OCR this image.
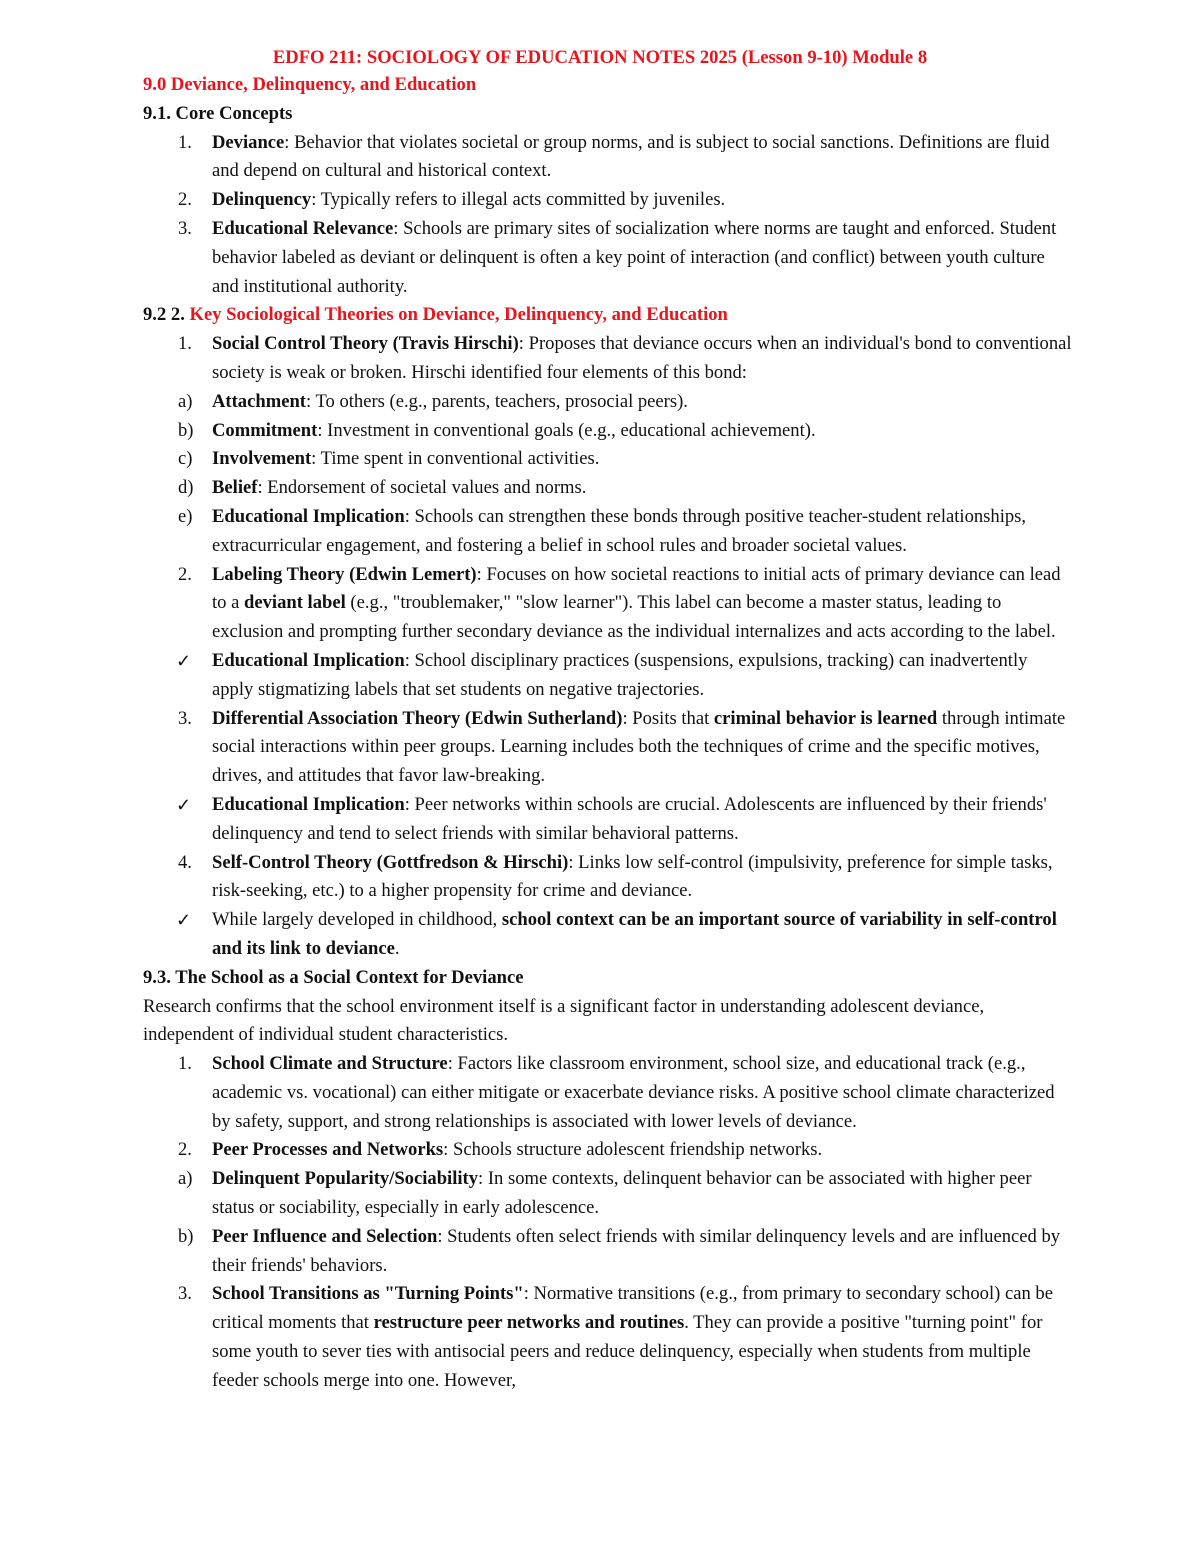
EDFO 211: SOCIOLOGY OF EDUCATION NOTES 2025 (Lesson 9-10) Module 8
9.0 Deviance, Delinquency, and Education
9.1. Core Concepts
1. Deviance: Behavior that violates societal or group norms, and is subject to social sanctions. Definitions are fluid and depend on cultural and historical context.
2. Delinquency: Typically refers to illegal acts committed by juveniles.
3. Educational Relevance: Schools are primary sites of socialization where norms are taught and enforced. Student behavior labeled as deviant or delinquent is often a key point of interaction (and conflict) between youth culture and institutional authority.
9.2 2. Key Sociological Theories on Deviance, Delinquency, and Education
1. Social Control Theory (Travis Hirschi): Proposes that deviance occurs when an individual's bond to conventional society is weak or broken. Hirschi identified four elements of this bond:
a) Attachment: To others (e.g., parents, teachers, prosocial peers).
b) Commitment: Investment in conventional goals (e.g., educational achievement).
c) Involvement: Time spent in conventional activities.
d) Belief: Endorsement of societal values and norms.
e) Educational Implication: Schools can strengthen these bonds through positive teacher-student relationships, extracurricular engagement, and fostering a belief in school rules and broader societal values.
2. Labeling Theory (Edwin Lemert): Focuses on how societal reactions to initial acts of primary deviance can lead to a deviant label (e.g., "troublemaker," "slow learner"). This label can become a master status, leading to exclusion and prompting further secondary deviance as the individual internalizes and acts according to the label.
✓ Educational Implication: School disciplinary practices (suspensions, expulsions, tracking) can inadvertently apply stigmatizing labels that set students on negative trajectories.
3. Differential Association Theory (Edwin Sutherland): Posits that criminal behavior is learned through intimate social interactions within peer groups. Learning includes both the techniques of crime and the specific motives, drives, and attitudes that favor law-breaking.
✓ Educational Implication: Peer networks within schools are crucial. Adolescents are influenced by their friends' delinquency and tend to select friends with similar behavioral patterns.
4. Self-Control Theory (Gottfredson & Hirschi): Links low self-control (impulsivity, preference for simple tasks, risk-seeking, etc.) to a higher propensity for crime and deviance.
✓ While largely developed in childhood, school context can be an important source of variability in self-control and its link to deviance.
9.3. The School as a Social Context for Deviance
Research confirms that the school environment itself is a significant factor in understanding adolescent deviance, independent of individual student characteristics.
1. School Climate and Structure: Factors like classroom environment, school size, and educational track (e.g., academic vs. vocational) can either mitigate or exacerbate deviance risks. A positive school climate characterized by safety, support, and strong relationships is associated with lower levels of deviance.
2. Peer Processes and Networks: Schools structure adolescent friendship networks.
a) Delinquent Popularity/Sociability: In some contexts, delinquent behavior can be associated with higher peer status or sociability, especially in early adolescence.
b) Peer Influence and Selection: Students often select friends with similar delinquency levels and are influenced by their friends' behaviors.
3. School Transitions as "Turning Points": Normative transitions (e.g., from primary to secondary school) can be critical moments that restructure peer networks and routines. They can provide a positive "turning point" for some youth to sever ties with antisocial peers and reduce delinquency, especially when students from multiple feeder schools merge into one. However,
